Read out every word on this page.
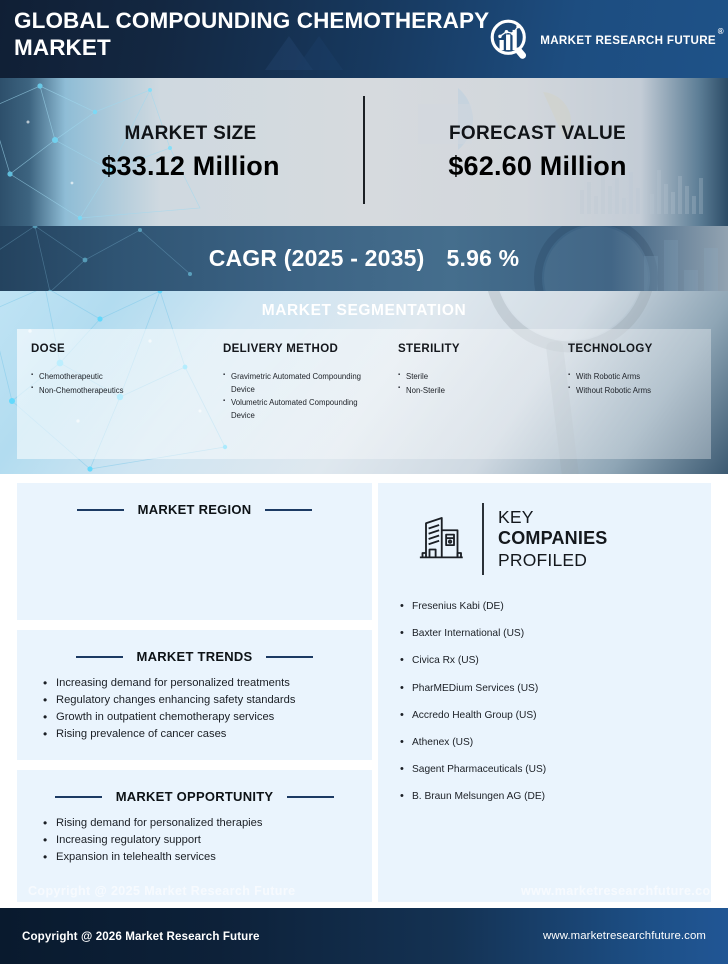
GLOBAL COMPOUNDING CHEMOTHERAPY MARKET	MARKET RESEARCH FUTURE
®
MARKET SIZE
$33.12 Million
FORECAST VALUE
$62.60 Million
CAGR (2025 - 2035) 5.96 %
MARKET SEGMENTATION
DOSE
▪ Chemotherapeutic
▪ Non-Chemotherapeutics
DELIVERY METHOD
▪ Gravimetric Automated Compounding Device
▪ Volumetric Automated Compounding Device
STERILITY
▪ Sterile
▪ Non-Sterile
TECHNOLOGY
▪ With Robotic Arms
▪ Without Robotic Arms
MARKET REGION
MARKET TRENDS
• Increasing demand for personalized treatments
• Regulatory changes enhancing safety standards
• Growth in outpatient chemotherapy services
• Rising prevalence of cancer cases
MARKET OPPORTUNITY
• Rising demand for personalized therapies
• Increasing regulatory support
• Expansion in telehealth services
KEY
COMPANIES
PROFILED
• Fresenius Kabi (DE)
• Baxter International (US)
• Civica Rx (US)
• PharMEDium Services (US)
• Accredo Health Group (US)
• Athenex (US)
• Sagent Pharmaceuticals (US)
• B. Braun Melsungen AG (DE)
Copyright @ 2025 Market Research Future	www.marketresearchfuture.com
Copyright @ 2026 Market Research Future	www.marketresearchfuture.com
